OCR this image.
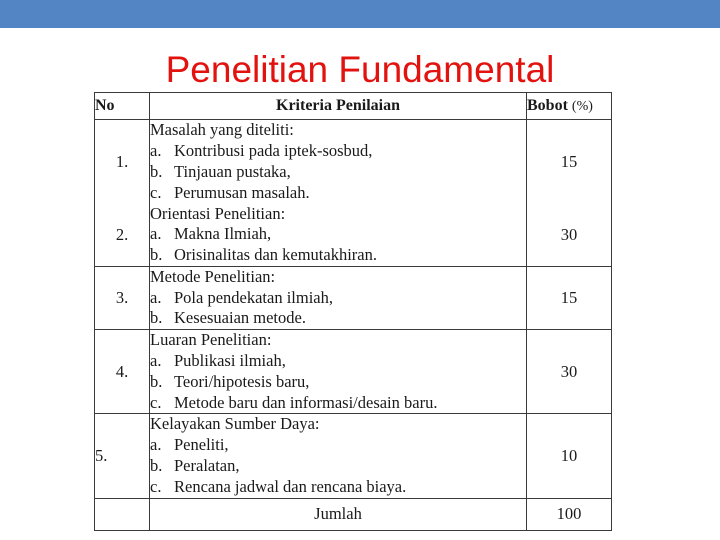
Penelitian Fundamental
No	Kriteria Penilaian	Bobot (%)
1.	Masalah yang diteliti:
a. Kontribusi pada iptek-sosbud,
b. Tinjauan pustaka,
c. Perumusan masalah.	15
2.	Orientasi Penelitian:
a. Makna Ilmiah,
b. Orisinalitas dan kemutakhiran.	30
3.	Metode Penelitian:
a. Pola pendekatan ilmiah,
b. Kesesuaian metode.	15
4.	Luaran Penelitian:
a. Publikasi ilmiah,
b. Teori/hipotesis baru,
c. Metode baru dan informasi/desain baru.	30
5.	Kelayakan Sumber Daya:
a. Peneliti,
b. Peralatan,
c. Rencana jadwal dan rencana biaya.	10
	Jumlah	100
